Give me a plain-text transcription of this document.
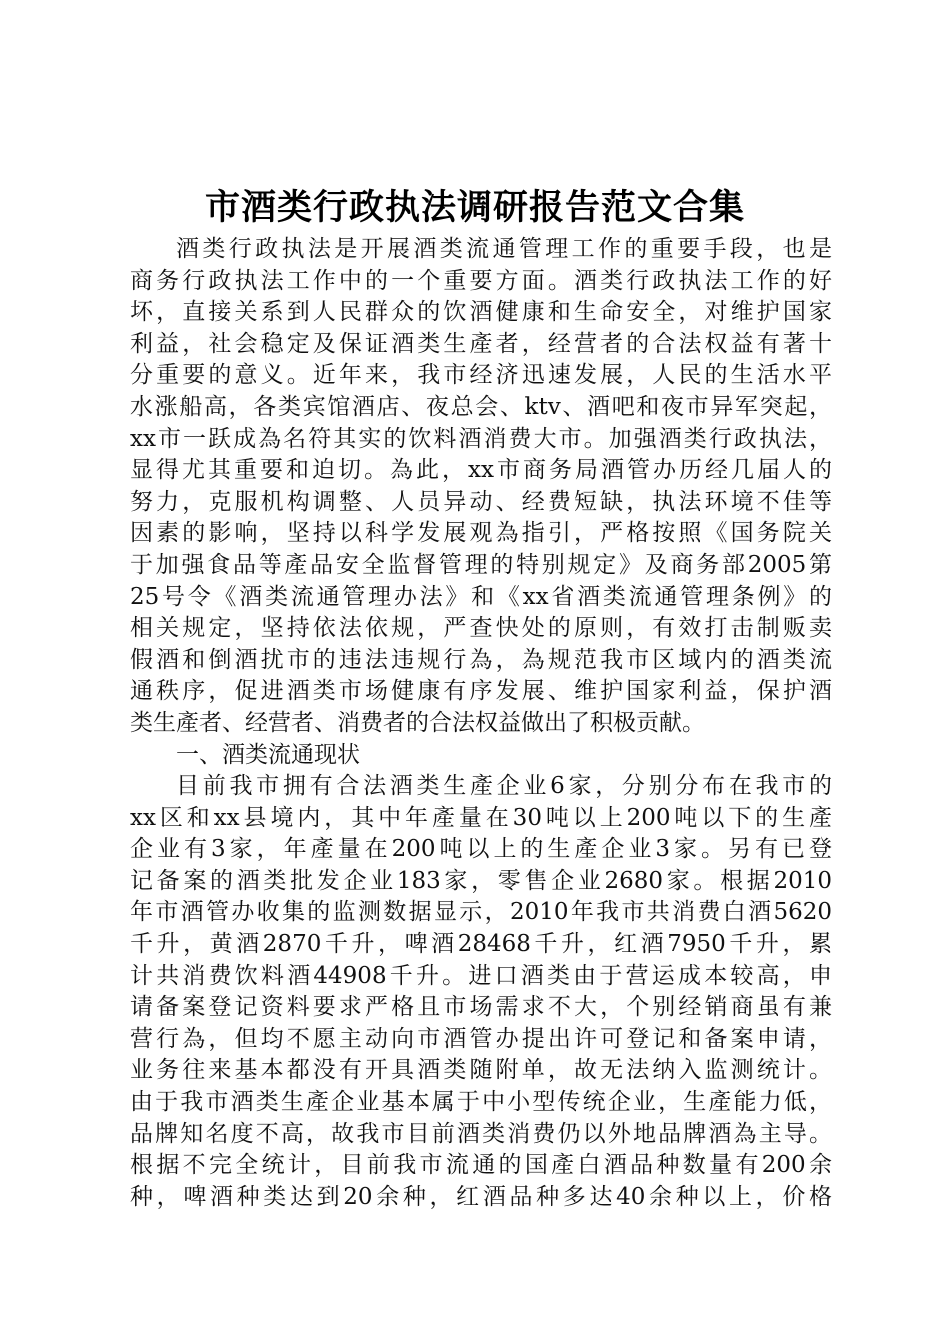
市酒类行政执法调研报告范文合集
酒类行政执法是开展酒类流通管理工作的重要手段，也是
商务行政执法工作中的一个重要方面。酒类行政执法工作的好
坏，直接关系到人民群众的饮酒健康和生命安全，对维护国家
利益，社会稳定及保证酒类生產者，经营者的合法权益有著十
分重要的意义。近年来，我市经济迅速发展，人民的生活水平
水涨船高，各类宾馆酒店、夜总会、ktv、酒吧和夜市异军突起，
xx市一跃成為名符其实的饮料酒消费大市。加强酒类行政执法，
显得尤其重要和迫切。為此，xx市商务局酒管办历经几届人的
努力，克服机构调整、人员异动、经费短缺，执法环境不佳等
因素的影响，坚持以科学发展观為指引，严格按照《国务院关
于加强食品等產品安全监督管理的特别规定》及商务部2005第
25号令《酒类流通管理办法》和《xx省酒类流通管理条例》的
相关规定，坚持依法依规，严查快处的原则，有效打击制贩卖
假酒和倒酒扰市的违法违规行為，為规范我市区域内的酒类流
通秩序，促进酒类市场健康有序发展、维护国家利益，保护酒
类生產者、经营者、消费者的合法权益做出了积极贡献。
一、酒类流通现状
目前我市拥有合法酒类生產企业6家，分别分布在我市的
xx区和xx县境内，其中年產量在30吨以上200吨以下的生產
企业有3家，年產量在200吨以上的生產企业3家。另有已登
记备案的酒类批发企业183家，零售企业2680家。根据2010
年市酒管办收集的监测数据显示，2010年我市共消费白酒5620
千升，黄酒2870千升，啤酒28468千升，红酒7950千升，累
计共消费饮料酒44908千升。进口酒类由于营运成本较高，申
请备案登记资料要求严格且市场需求不大，个别经销商虽有兼
营行為，但均不愿主动向市酒管办提出许可登记和备案申请，
业务往来基本都没有开具酒类随附单，故无法纳入监测统计。
由于我市酒类生產企业基本属于中小型传统企业，生產能力低，
品牌知名度不高，故我市目前酒类消费仍以外地品牌酒為主导。
根据不完全统计，目前我市流通的国產白酒品种数量有200余
种，啤酒种类达到20余种，红酒品种多达40余种以上，价格
